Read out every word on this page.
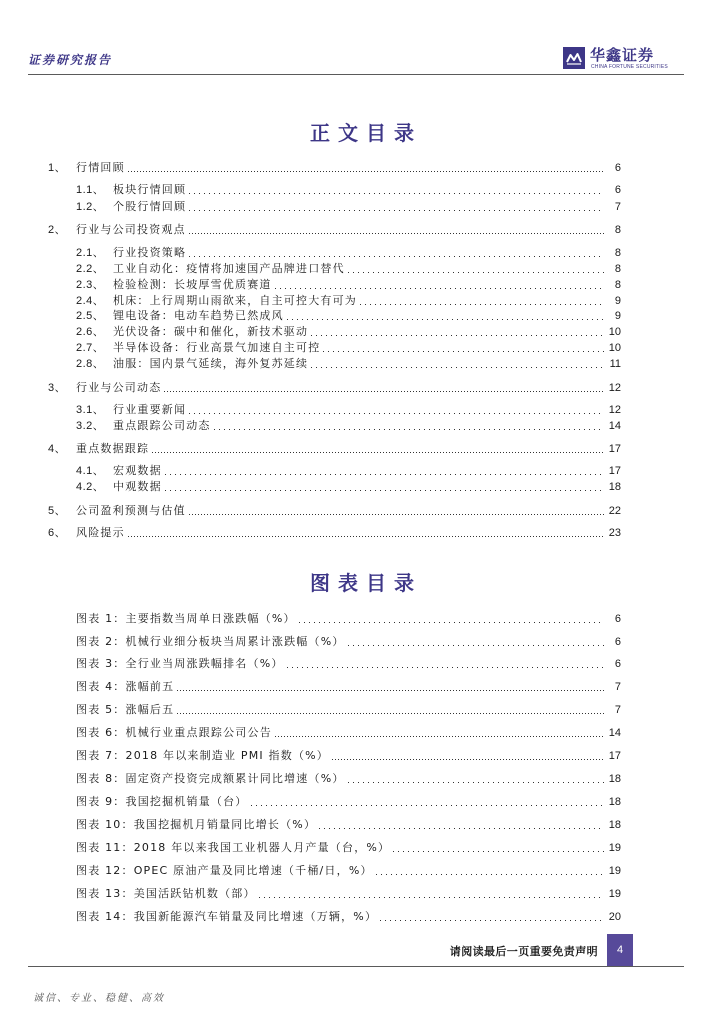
证券研究报告	华鑫证券
CHINA FORTUNE SECURITIES
正文目录
1、 行情回顾	6
1.1、 板块行情回顾	6
1.2、 个股行情回顾	7
2、 行业与公司投资观点	8
2.1、 行业投资策略	8
2.2、 工业自动化：疫情将加速国产品牌进口替代	8
2.3、 检验检测：长坡厚雪优质赛道	8
2.4、 机床：上行周期山雨欲来，自主可控大有可为	9
2.5、 锂电设备：电动车趋势已然成风	9
2.6、 光伏设备：碳中和催化，新技术驱动	10
2.7、 半导体设备：行业高景气加速自主可控	10
2.8、 油服：国内景气延续，海外复苏延续	11
3、 行业与公司动态	12
3.1、 行业重要新闻	12
3.2、 重点跟踪公司动态	14
4、 重点数据跟踪	17
4.1、 宏观数据	17
4.2、 中观数据	18
5、 公司盈利预测与估值	22
6、 风险提示	23
图表目录
图表 1： 主要指数当周单日涨跌幅（%）	6
图表 2： 机械行业细分板块当周累计涨跌幅（%）	6
图表 3： 全行业当周涨跌幅排名（%）	6
图表 4： 涨幅前五	7
图表 5： 涨幅后五	7
图表 6： 机械行业重点跟踪公司公告	14
图表 7： 2018 年以来制造业 PMI 指数（%）	17
图表 8： 固定资产投资完成额累计同比增速（%）	18
图表 9： 我国挖掘机销量（台）	18
图表 10： 我国挖掘机月销量同比增长（%）	18
图表 11： 2018 年以来我国工业机器人月产量（台，%）	19
图表 12： OPEC 原油产量及同比增速（千桶/日，%）	19
图表 13： 美国活跃钻机数（部）	19
图表 14： 我国新能源汽车销量及同比增速（万辆，%）	20
请阅读最后一页重要免责声明	4
诚信、专业、稳健、高效
